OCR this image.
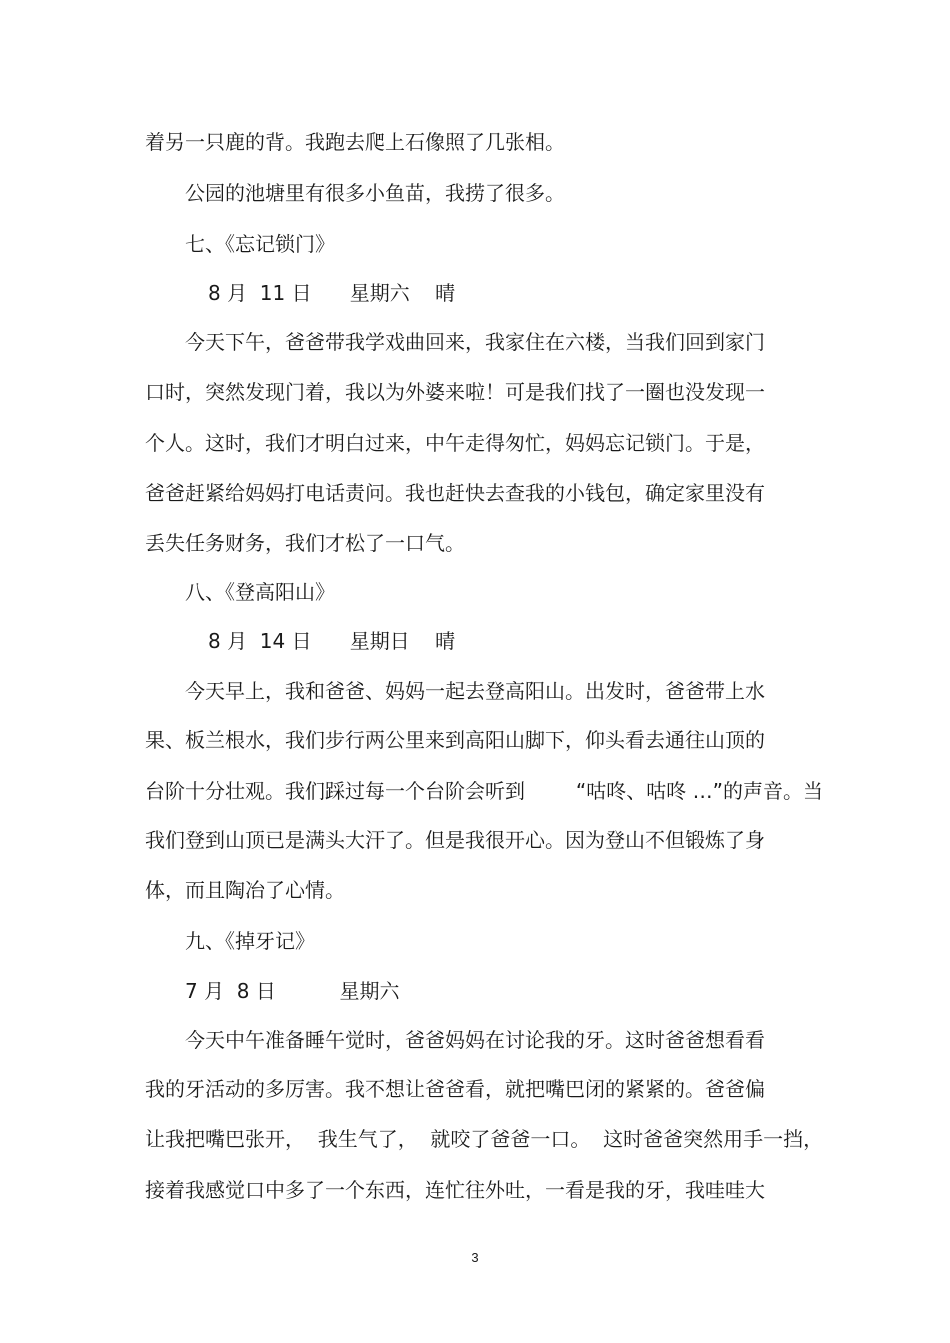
着另一只鹿的背。我跑去爬上石像照了几张相。
公园的池塘里有很多小鱼苗，我捞了很多。
七、《忘记锁门》
8 月  11 日      星期六    晴
今天下午，爸爸带我学戏曲回来，我家住在六楼，当我们回到家门
口时，突然发现门着，我以为外婆来啦！可是我们找了一圈也没发现一
个人。这时，我们才明白过来，中午走得匆忙，妈妈忘记锁门。于是，
爸爸赶紧给妈妈打电话责问。我也赶快去查我的小钱包，确定家里没有
丢失任务财务，我们才松了一口气。
八、《登高阳山》
8 月  14 日      星期日    晴
今天早上，我和爸爸、妈妈一起去登高阳山。出发时，爸爸带上水
果、板兰根水，我们步行两公里来到高阳山脚下，仰头看去通往山顶的
台阶十分壮观。我们踩过每一个台阶会听到        “咕咚、咕咚 …”的声音。当
我们登到山顶已是满头大汗了。但是我很开心。因为登山不但锻炼了身
体，而且陶冶了心情。
九、《掉牙记》
7 月  8 日          星期六
今天中午准备睡午觉时，爸爸妈妈在讨论我的牙。这时爸爸想看看
我的牙活动的多厉害。我不想让爸爸看，就把嘴巴闭的紧紧的。爸爸偏
让我把嘴巴张开，  我生气了，  就咬了爸爸一口。  这时爸爸突然用手一挡，
接着我感觉口中多了一个东西，连忙往外吐，一看是我的牙，我哇哇大
3
